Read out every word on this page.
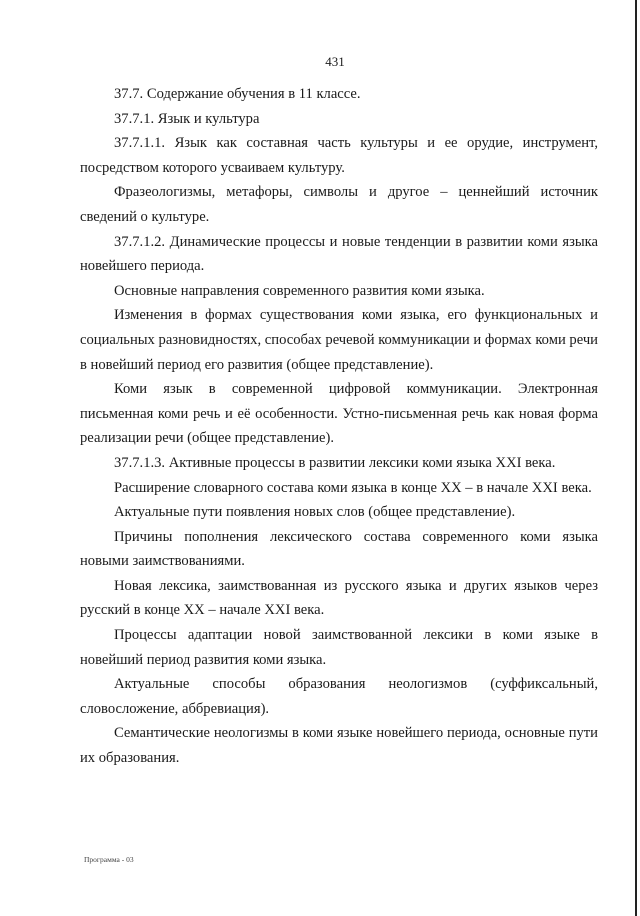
431

37.7. Содержание обучения в 11 классе.

37.7.1. Язык и культура

37.7.1.1. Язык как составная часть культуры и ее орудие, инструмент, посредством которого усваиваем культуру.

Фразеологизмы, метафоры, символы и другое – ценнейший источник сведений о культуре.

37.7.1.2. Динамические процессы и новые тенденции в развитии коми языка новейшего периода.

Основные направления современного развития коми языка.

Изменения в формах существования коми языка, его функциональных и социальных разновидностях, способах речевой коммуникации и формах коми речи в новейший период его развития (общее представление).

Коми язык в современной цифровой коммуникации. Электронная письменная коми речь и её особенности. Устно-письменная речь как новая форма реализации речи (общее представление).

37.7.1.3. Активные процессы в развитии лексики коми языка XXI века.

Расширение словарного состава коми языка в конце XX – в начале XXI века.

Актуальные пути появления новых слов (общее представление).

Причины пополнения лексического состава современного коми языка новыми заимствованиями.

Новая лексика, заимствованная из русского языка и других языков через русский в конце XX – начале XXI века.

Процессы адаптации новой заимствованной лексики в коми языке в новейший период развития коми языка.

Актуальные способы образования неологизмов (суффиксальный, словосложение, аббревиация).

Семантические неологизмы в коми языке новейшего периода, основные пути их образования.

Программа - 03
